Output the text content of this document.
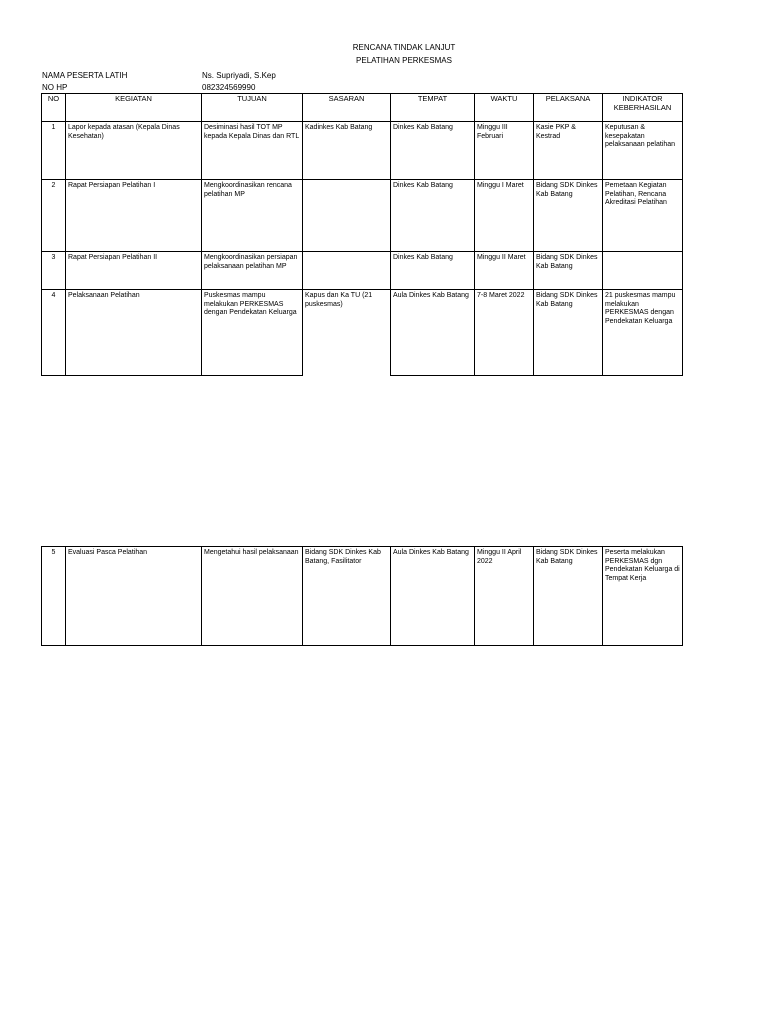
RENCANA TINDAK LANJUT
PELATIHAN PERKESMAS
NAMA PESERTA LATIH	Ns. Supriyadi, S.Kep
NO HP	082324569990
NO	KEGIATAN	TUJUAN	SASARAN	TEMPAT	WAKTU	PELAKSANA	INDIKATOR KEBERHASILAN
1	Lapor kepada atasan (Kepala Dinas Kesehatan)	Desiminasi hasil TOT MP kepada Kepala Dinas dan RTL	Kadinkes Kab Batang	Dinkes Kab Batang	Minggu III Februari	Kasie PKP & Kestrad	Keputusan & kesepakatan pelaksanaan pelatihan
2	Rapat Persiapan Pelatihan I	Mengkoordinasikan rencana pelatihan MP		Dinkes Kab Batang	Minggu I Maret	Bidang SDK Dinkes Kab Batang	Pemetaan Kegiatan Pelatihan, Rencana Akreditasi Pelatihan
3	Rapat Persiapan Pelatihan II	Mengkoordinasikan persiapan pelaksanaan pelatihan MP		Dinkes Kab Batang	Minggu II Maret	Bidang SDK Dinkes Kab Batang	
4	Pelaksanaan Pelatihan	Puskesmas mampu melakukan PERKESMAS dengan Pendekatan Keluarga	Kapus dan Ka TU (21 puskesmas)	Aula Dinkes Kab Batang	7-8 Maret 2022	Bidang SDK Dinkes Kab Batang	21 puskesmas mampu melakukan PERKESMAS dengan Pendekatan Keluarga
5	Evaluasi Pasca Pelatihan	Mengetahui hasil pelaksanaan	Bidang SDK Dinkes Kab Batang, Fasilitator	Aula Dinkes Kab Batang	Minggu II April 2022	Bidang SDK Dinkes Kab Batang	Peserta melakukan PERKESMAS dgn Pendekatan Keluarga di Tempat Kerja
